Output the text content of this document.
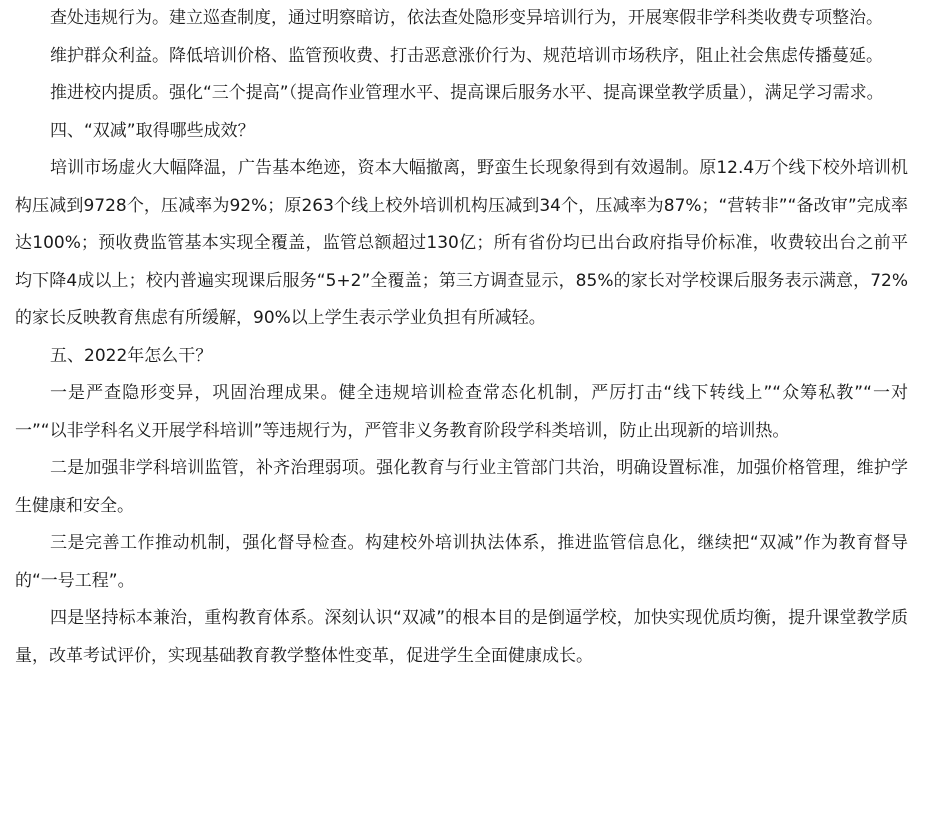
查处违规行为。建立巡查制度，通过明察暗访，依法查处隐形变异培训行为，开展寒假非学科类收费专项整治。

维护群众利益。降低培训价格、监管预收费、打击恶意涨价行为、规范培训市场秩序，阻止社会焦虑传播蔓延。

推进校内提质。强化“三个提高”（提高作业管理水平、提高课后服务水平、提高课堂教学质量），满足学习需求。

四、“双减”取得哪些成效？

培训市场虚火大幅降温，广告基本绝迹，资本大幅撤离，野蛮生长现象得到有效遏制。原12.4万个线下校外培训机构压减到9728个，压减率为92%；原263个线上校外培训机构压减到34个，压减率为87%；“营转非”“备改审”完成率达100%；预收费监管基本实现全覆盖，监管总额超过130亿；所有省份均已出台政府指导价标准，收费较出台之前平均下降4成以上；校内普遍实现课后服务“5+2”全覆盖；第三方调查显示，85%的家长对学校课后服务表示满意，72%的家长反映教育焦虑有所缓解，90%以上学生表示学业负担有所减轻。

五、2022年怎么干？

一是严查隐形变异，巩固治理成果。健全违规培训检查常态化机制，严厉打击“线下转线上”“众筹私教”“一对一”“以非学科名义开展学科培训”等违规行为，严管非义务教育阶段学科类培训，防止出现新的培训热。

二是加强非学科培训监管，补齐治理弱项。强化教育与行业主管部门共治，明确设置标准，加强价格管理，维护学生健康和安全。

三是完善工作推动机制，强化督导检查。构建校外培训执法体系，推进监管信息化，继续把“双减”作为教育督导的“一号工程”。

四是坚持标本兼治，重构教育体系。深刻认识“双减”的根本目的是倒逼学校，加快实现优质均衡，提升课堂教学质量，改革考试评价，实现基础教育教学整体性变革，促进学生全面健康成长。
